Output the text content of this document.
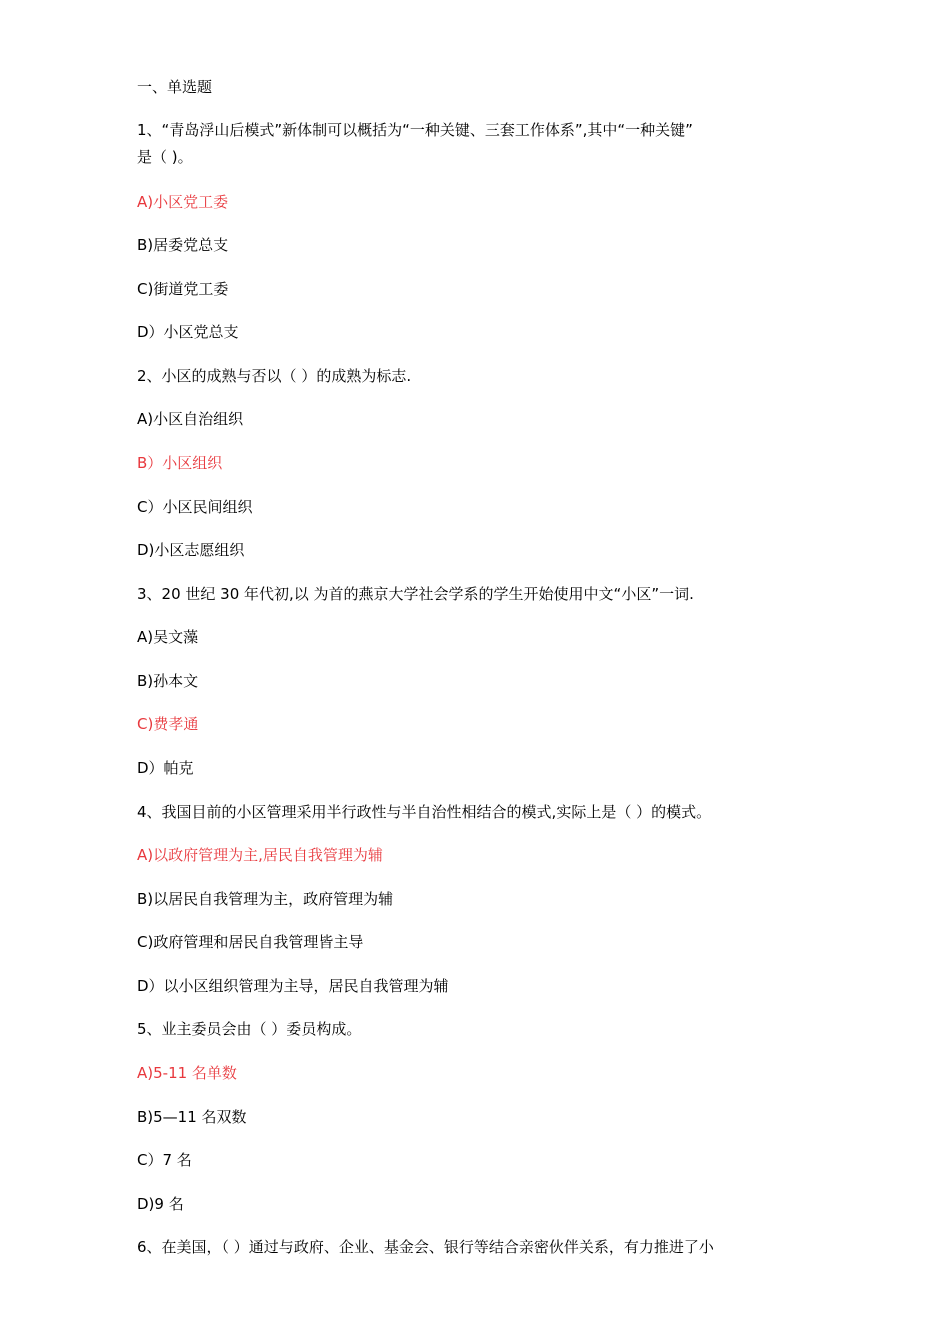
一、单选题
1、“青岛浮山后模式”新体制可以概括为“一种关键、三套工作体系”,其中“一种关键”
是（ )。
A)小区党工委
B)居委党总支
C)街道党工委
D）小区党总支
2、小区的成熟与否以（ ）的成熟为标志.
A)小区自治组织
B）小区组织
C）小区民间组织
D)小区志愿组织
3、20 世纪 30 年代初,以 为首的燕京大学社会学系的学生开始使用中文“小区”一词.
A)吴文藻
B)孙本文
C)费孝通
D）帕克
4、我国目前的小区管理采用半行政性与半自治性相结合的模式,实际上是（ ）的模式。
A)以政府管理为主,居民自我管理为辅
B)以居民自我管理为主，政府管理为辅
C)政府管理和居民自我管理皆主导
D）以小区组织管理为主导，居民自我管理为辅
5、业主委员会由（ ）委员构成。
A)5-11 名单数
B)5—11 名双数
C）7 名
D)9 名
6、在美国，（ ）通过与政府、企业、基金会、银行等结合亲密伙伴关系，有力推进了小
